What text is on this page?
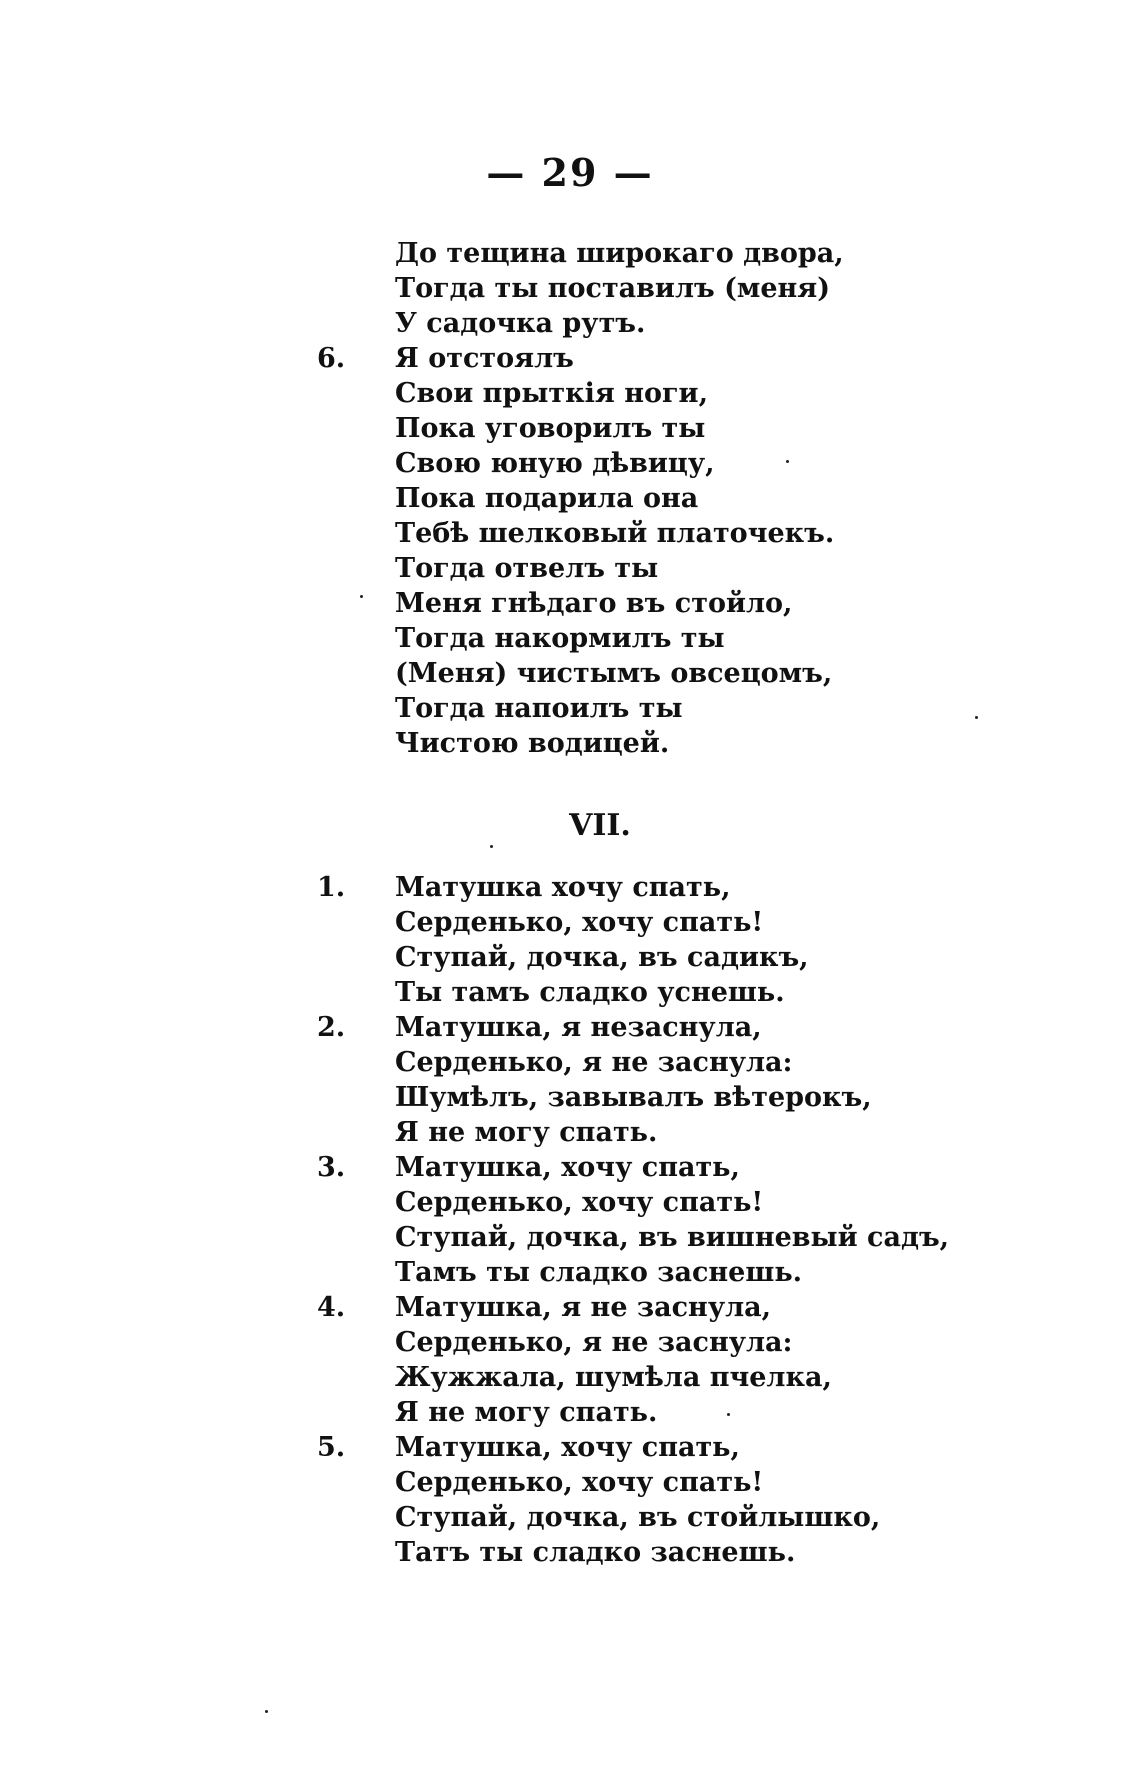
— 29 —
До тещина широкаго двора,
Тогда ты поставилъ (меня)
У садочка рутъ.
6. Я отстоялъ
Свои прыткія ноги,
Пока уговорилъ ты
Свою юную дѣвицу,
Пока подарила она
Тебѣ шелковый платочекъ.
Тогда отвелъ ты
Меня гнѣдаго въ стойло,
Тогда накормилъ ты
(Меня) чистымъ овсецомъ,
Тогда напоилъ ты
Чистою водицей.
VII.
1. Матушка хочу спать,
Серденько, хочу спать!
Ступай, дочка, въ садикъ,
Ты тамъ сладко уснешь.
2. Матушка, я незаснула,
Серденько, я не заснула:
Шумѣлъ, завывалъ вѣтерокъ,
Я не могу спать.
3. Матушка, хочу спать,
Серденько, хочу спать!
Ступай, дочка, въ вишневый садъ,
Тамъ ты сладко заснешь.
4. Матушка, я не заснула,
Серденько, я не заснула:
Жужжала, шумѣла пчелка,
Я не могу спать.
5. Матушка, хочу спать,
Серденько, хочу спать!
Ступай, дочка, въ стойлышко,
Татъ ты сладко заснешь.
